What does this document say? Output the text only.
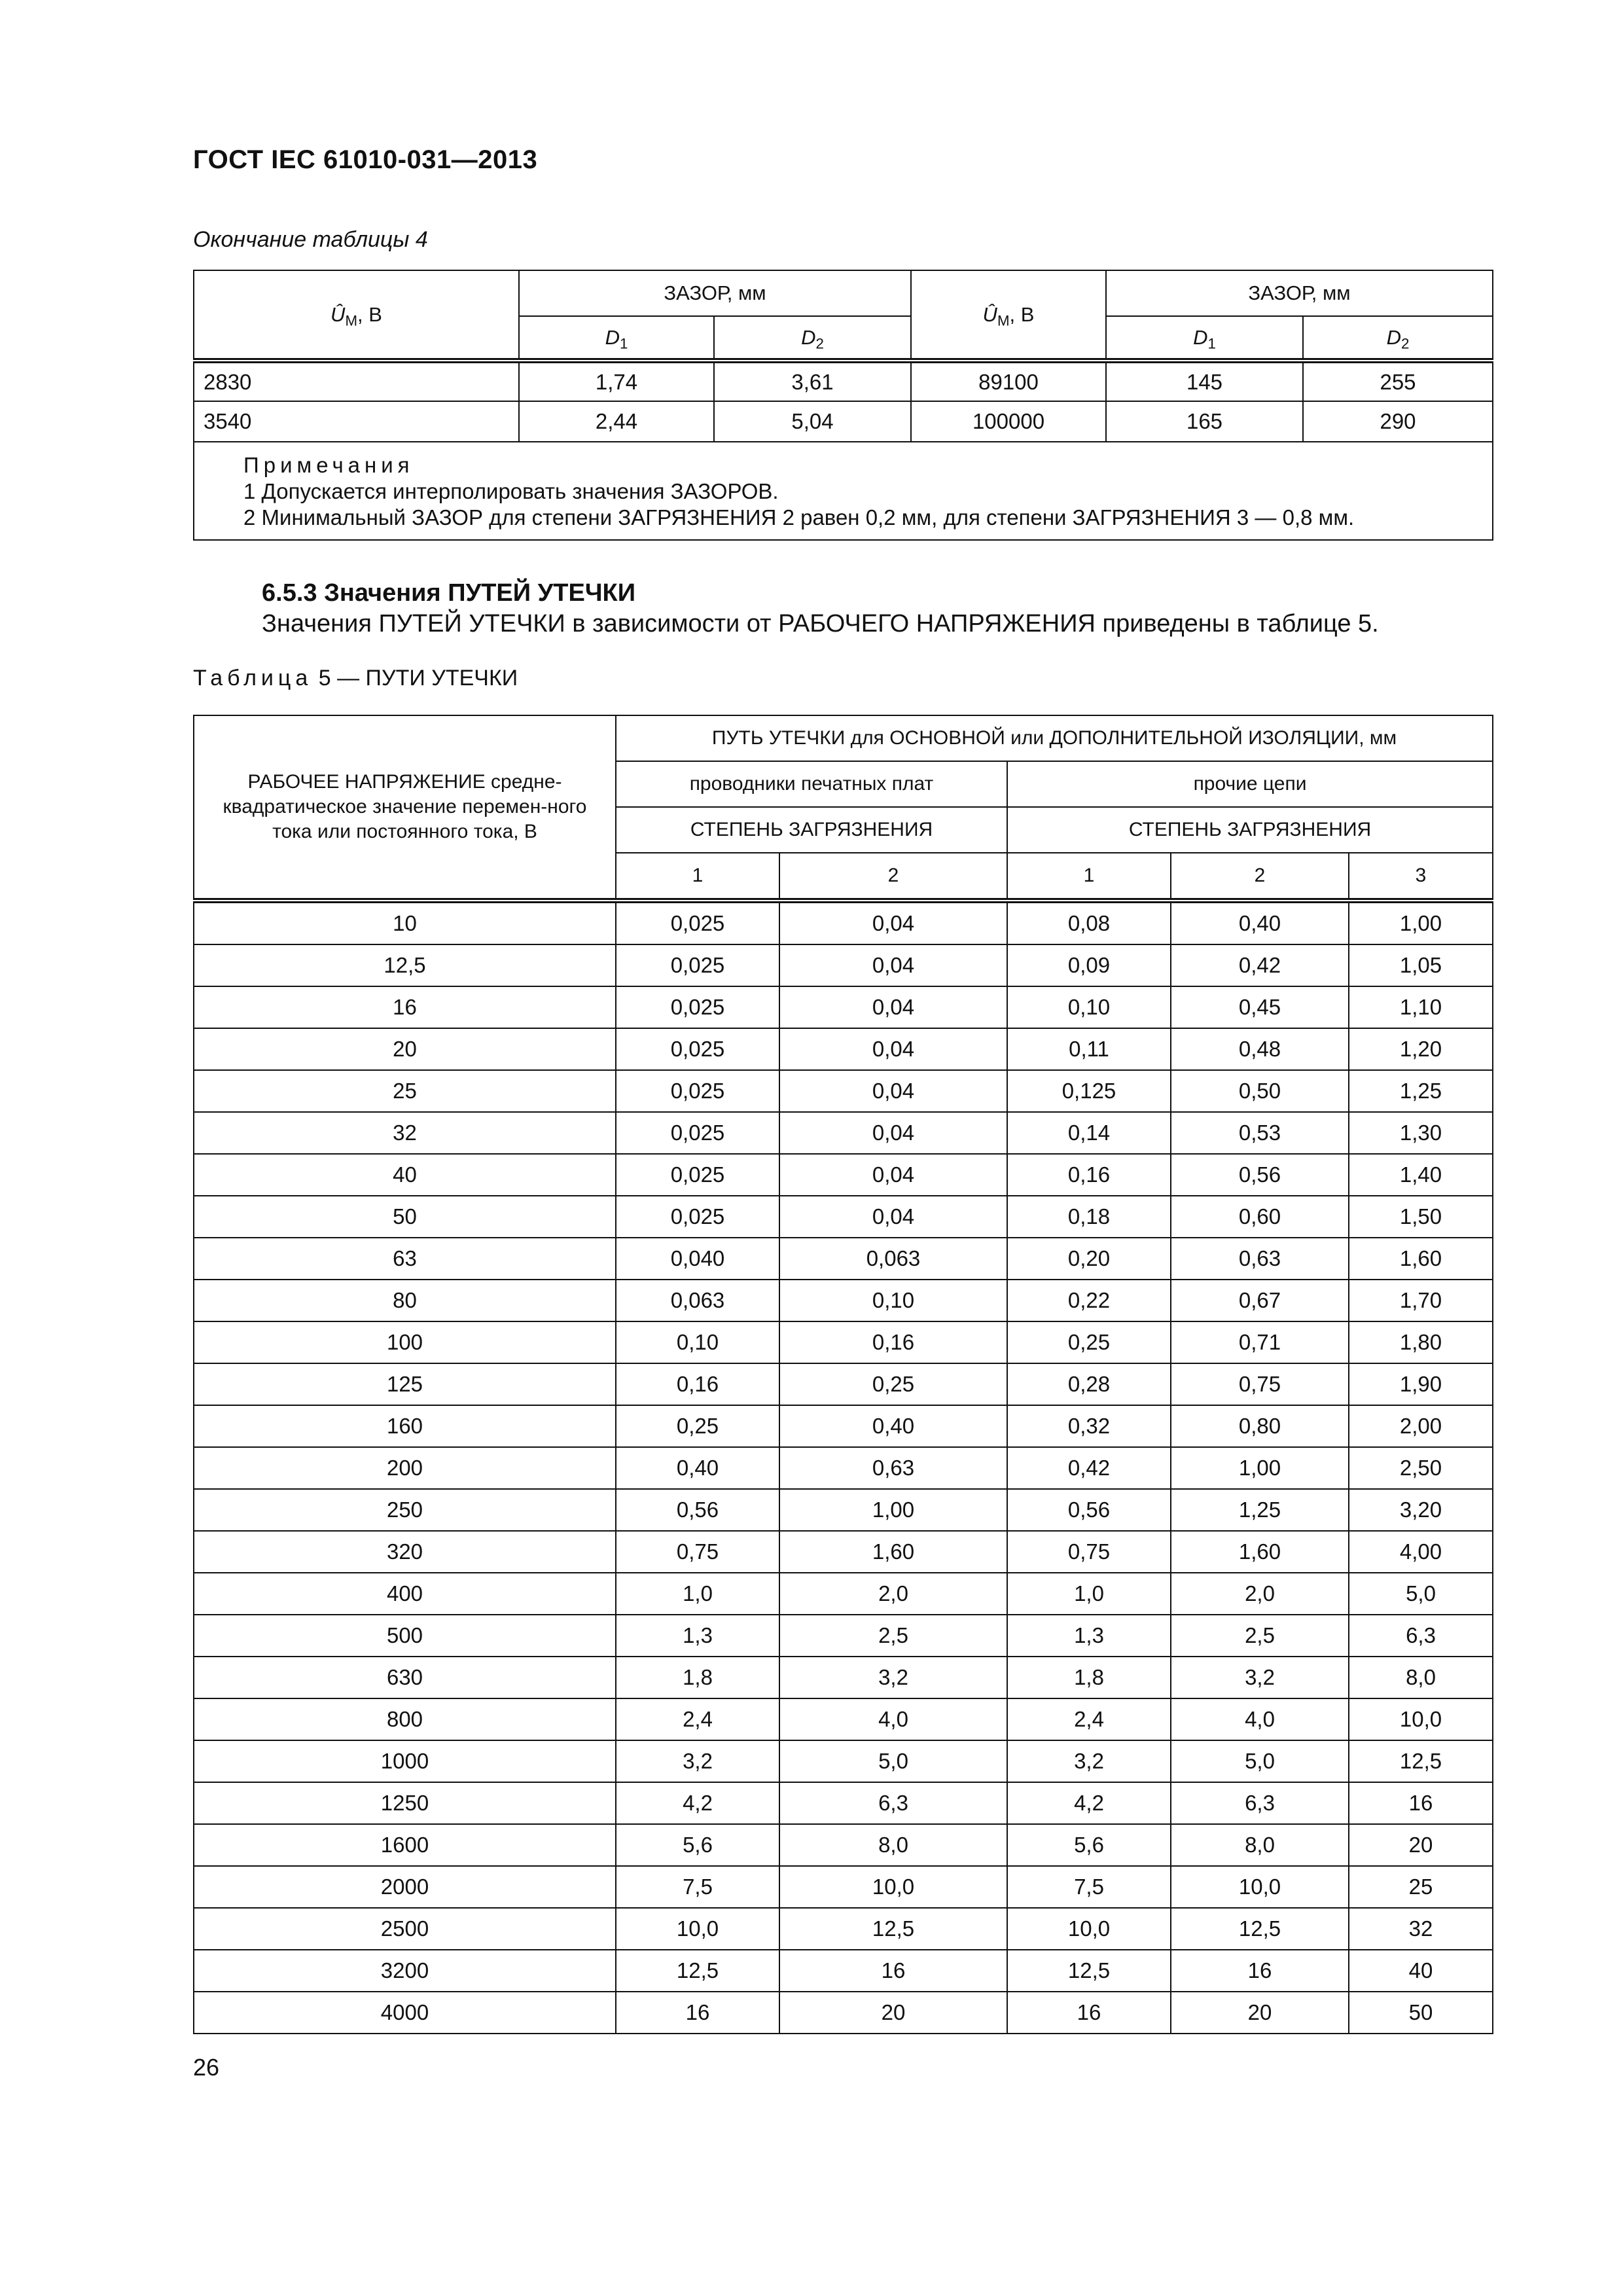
ГОСТ IEC 61010-031—2013
Окончание таблицы 4
$Û_M$, В	ЗАЗОР, мм		$Û_M$, В	ЗАЗОР, мм	
	$D_1$	$D_2$		$D_1$	$D_2$
2830	1,74	3,61	89100	145	255
3540	2,44	5,04	100000	165	290

Примечания
1 Допускается интерполировать значения ЗАЗОРОВ.
2 Минимальный ЗАЗОР для степени ЗАГРЯЗНЕНИЯ 2 равен 0,2 мм, для степени ЗАГРЯЗНЕНИЯ 3 — 0,8 мм.					
6.5.3 Значения ПУТЕЙ УТЕЧКИ
Значения ПУТЕЙ УТЕЧКИ в зависимости от РАБОЧЕГО НАПРЯЖЕНИЯ приведены в таблице 5.
Таблица 5 — ПУТИ УТЕЧКИ
РАБОЧЕЕ НАПРЯЖЕНИЕ средне-квадратическое значение перемен-ного тока или постоянного тока, В	ПУТЬ УТЕЧКИ для ОСНОВНОЙ или ДОПОЛНИТЕЛЬНОЙ ИЗОЛЯЦИИ, мм				
	проводники печатных плат		прочие цепи		
	СТЕПЕНЬ ЗАГРЯЗНЕНИЯ		СТЕПЕНЬ ЗАГРЯЗНЕНИЯ		
	1	2	1	2	3
10	0,025	0,04	0,08	0,40	1,00
12,5	0,025	0,04	0,09	0,42	1,05
16	0,025	0,04	0,10	0,45	1,10
20	0,025	0,04	0,11	0,48	1,20
25	0,025	0,04	0,125	0,50	1,25
32	0,025	0,04	0,14	0,53	1,30
40	0,025	0,04	0,16	0,56	1,40
50	0,025	0,04	0,18	0,60	1,50
63	0,040	0,063	0,20	0,63	1,60
80	0,063	0,10	0,22	0,67	1,70
100	0,10	0,16	0,25	0,71	1,80
125	0,16	0,25	0,28	0,75	1,90
160	0,25	0,40	0,32	0,80	2,00
200	0,40	0,63	0,42	1,00	2,50
250	0,56	1,00	0,56	1,25	3,20
320	0,75	1,60	0,75	1,60	4,00
400	1,0	2,0	1,0	2,0	5,0
500	1,3	2,5	1,3	2,5	6,3
630	1,8	3,2	1,8	3,2	8,0
800	2,4	4,0	2,4	4,0	10,0
1000	3,2	5,0	3,2	5,0	12,5
1250	4,2	6,3	4,2	6,3	16
1600	5,6	8,0	5,6	8,0	20
2000	7,5	10,0	7,5	10,0	25
2500	10,0	12,5	10,0	12,5	32
3200	12,5	16	12,5	16	40
4000	16	20	16	20	50
26
